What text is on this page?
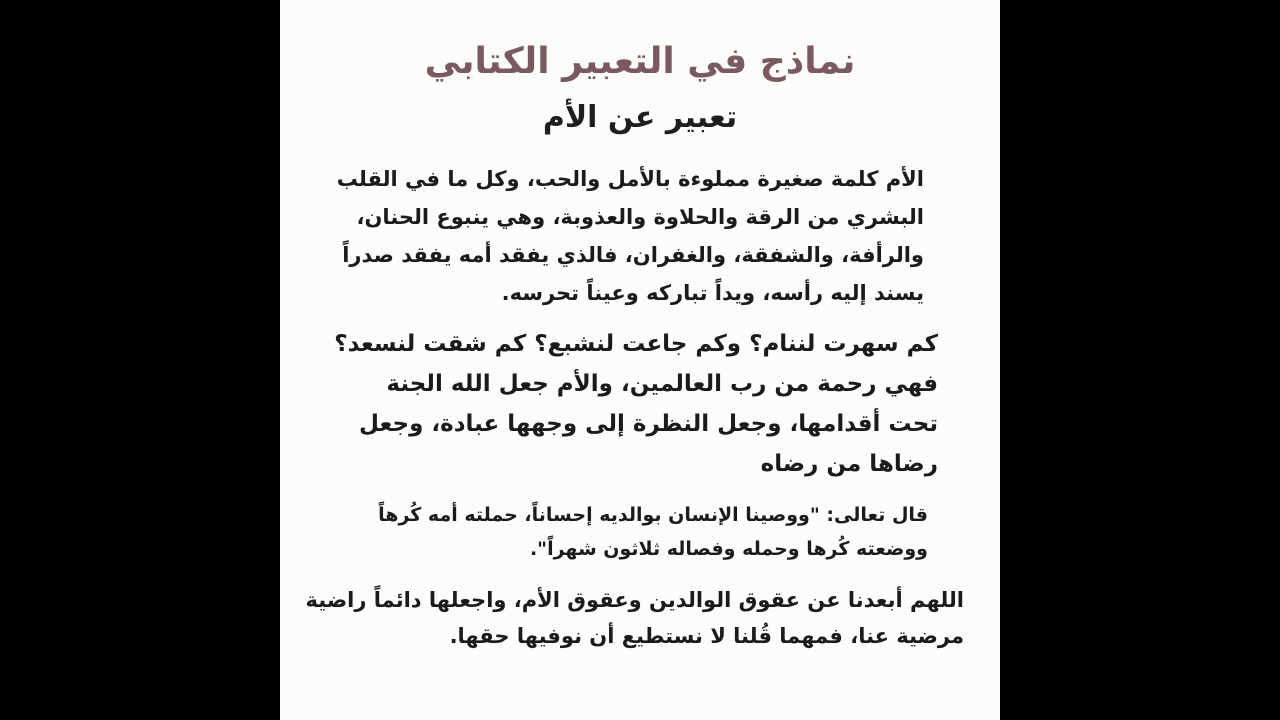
نماذج في التعبير الكتابي
تعبير عن الأم
الأم كلمة صغيرة مملوءة بالأمل والحب، وكل ما في القلب
البشري من الرقة والحلاوة والعذوبة، وهي ينبوع الحنان،
والرأفة، والشفقة، والغفران، فالذي يفقد أمه يفقد صدراً
يسند إليه رأسه، ويداً تباركه وعيناً تحرسه.
كم سهرت لننام؟ وكم جاعت لنشبع؟ كم شقت لنسعد؟
فهي رحمة من رب العالمين، والأم جعل الله الجنة
تحت أقدامها، وجعل النظرة إلى وجهها عبادة، وجعل
رضاها من رضاه
قال تعالى: "ووصينا الإنسان بوالديه إحساناً، حملته أمه كُرهاً
ووضعته كُرها وحمله وفصاله ثلاثون شهراً".
اللهم أبعدنا عن عقوق الوالدين وعقوق الأم، واجعلها دائماً راضية
مرضية عنا، فمهما قُلنا لا نستطيع أن نوفيها حقها.
